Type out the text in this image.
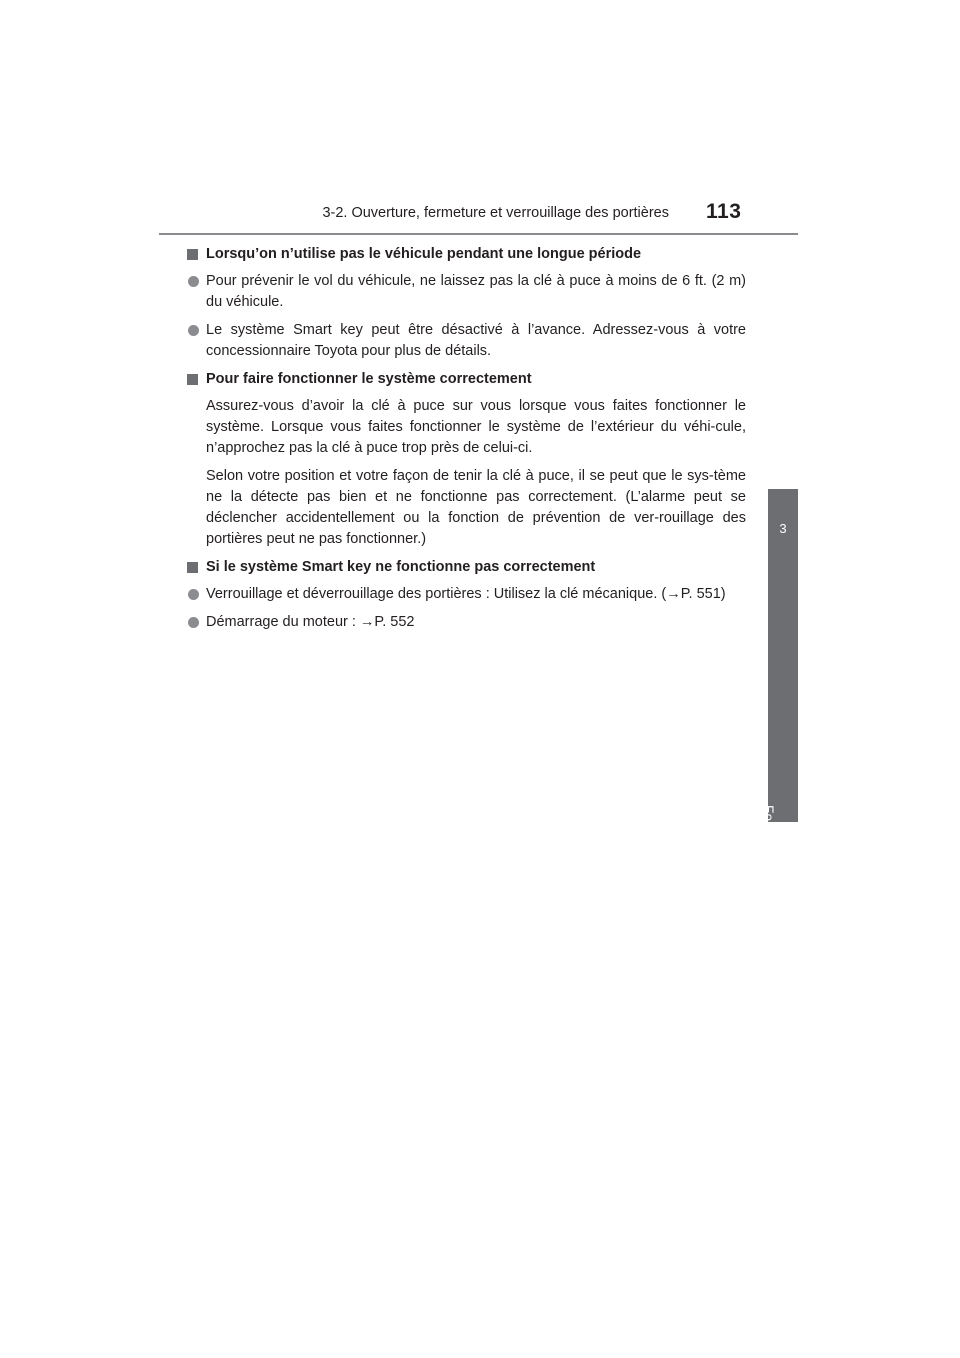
3-2. Ouverture, fermeture et verrouillage des portières 113
3
Fonctionnement de chaque composant
Lorsqu’on n’utilise pas le véhicule pendant une longue période
Pour prévenir le vol du véhicule, ne laissez pas la clé à puce à moins de 6 ft. (2 m) du véhicule.
Le système Smart key peut être désactivé à l’avance. Adressez-vous à votre concessionnaire Toyota pour plus de détails.
Pour faire fonctionner le système correctement

Assurez-vous d’avoir la clé à puce sur vous lorsque vous faites fonctionner le système. Lorsque vous faites fonctionner le système de l’extérieur du véhi-cule, n’approchez pas la clé à puce trop près de celui-ci.

Selon votre position et votre façon de tenir la clé à puce, il se peut que le sys-tème ne la détecte pas bien et ne fonctionne pas correctement. (L’alarme peut se déclencher accidentellement ou la fonction de prévention de ver-rouillage des portières peut ne pas fonctionner.)

Si le système Smart key ne fonctionne pas correctement
Verrouillage et déverrouillage des portières : Utilisez la clé mécanique. (→P. 551)
Démarrage du moteur : →P. 552
